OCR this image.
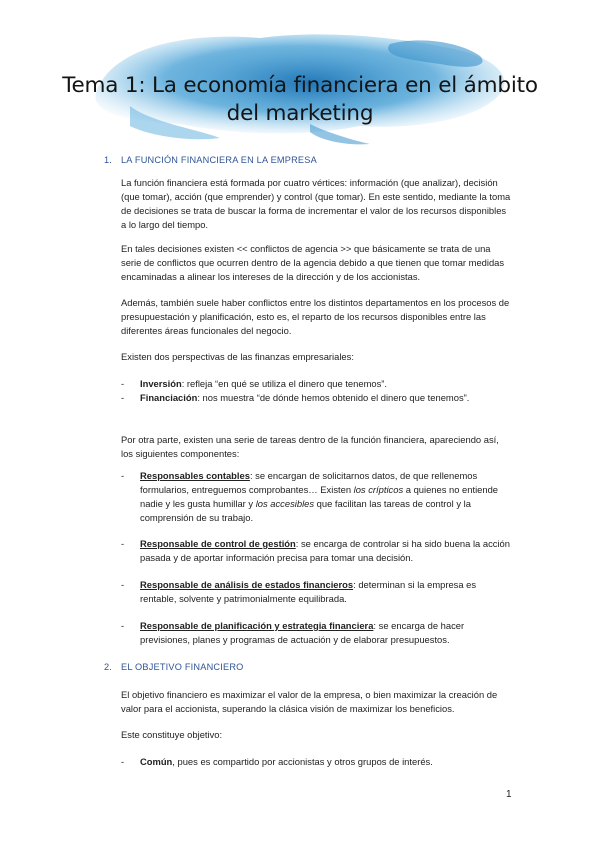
Tema 1: La economía financiera en el ámbito
del marketing
1. LA FUNCIÓN FINANCIERA EN LA EMPRESA

La función financiera está formada por cuatro vértices: información (que analizar), decisión (que tomar), acción (que emprender) y control (que tomar). En este sentido, mediante la toma de decisiones se trata de buscar la forma de incrementar el valor de los recursos disponibles a lo largo del tiempo.

En tales decisiones existen << conflictos de agencia >> que básicamente se trata de una serie de conflictos que ocurren dentro de la agencia debido a que tienen que tomar medidas encaminadas a alinear los intereses de la dirección y de los accionistas.

Además, también suele haber conflictos entre los distintos departamentos en los procesos de presupuestación y planificación, esto es, el reparto de los recursos disponibles entre las diferentes áreas funcionales del negocio.

Existen dos perspectivas de las finanzas empresariales:

- Inversión: refleja “en qué se utiliza el dinero que tenemos”.
- Financiación: nos muestra “de dónde hemos obtenido el dinero que tenemos”.

Por otra parte, existen una serie de tareas dentro de la función financiera, apareciendo así, los siguientes componentes:

- Responsables contables: se encargan de solicitarnos datos, de que rellenemos formularios, entreguemos comprobantes… Existen los crípticos a quienes no entiende nadie y les gusta humillar y los accesibles que facilitan las tareas de control y la comprensión de su trabajo.
- Responsable de control de gestión: se encarga de controlar si ha sido buena la acción pasada y de aportar información precisa para tomar una decisión.
- Responsable de análisis de estados financieros: determinan si la empresa es rentable, solvente y patrimonialmente equilibrada.
- Responsable de planificación y estrategia financiera: se encarga de hacer previsiones, planes y programas de actuación y de elaborar presupuestos.
2. EL OBJETIVO FINANCIERO

El objetivo financiero es maximizar el valor de la empresa, o bien maximizar la creación de valor para el accionista, superando la clásica visión de maximizar los beneficios.

Este constituye objetivo:

- Común, pues es compartido por accionistas y otros grupos de interés.
1
